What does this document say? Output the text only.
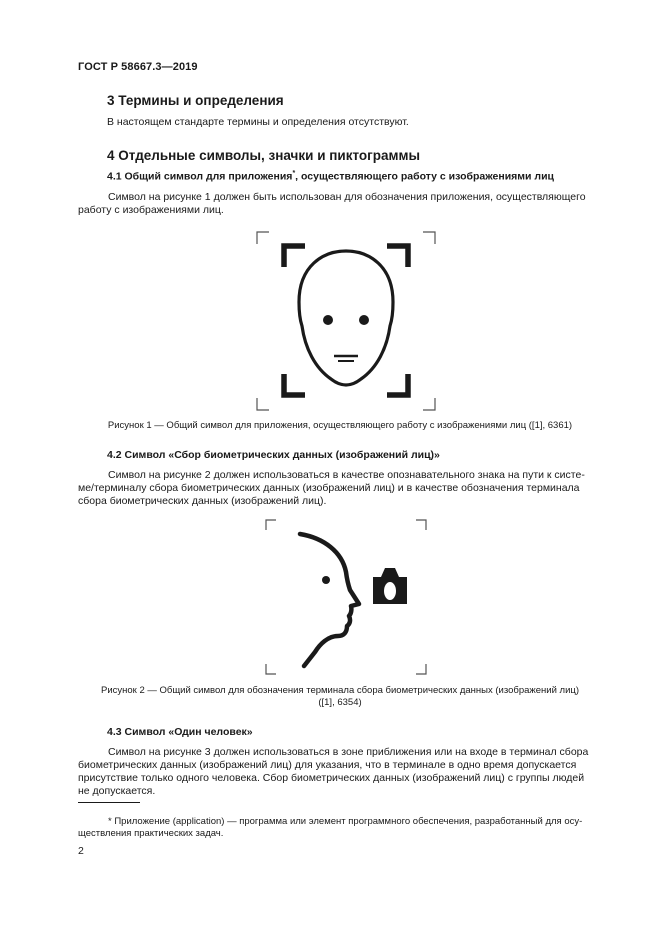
ГОСТ Р 58667.3—2019
3 Термины и определения
В настоящем стандарте термины и определения отсутствуют.
4 Отдельные символы, значки и пиктограммы
4.1 Общий символ для приложения*, осуществляющего работу с изображениями лиц
Символ на рисунке 1 должен быть использован для обозначения приложения, осуществляющего
работу с изображениями лиц.
Рисунок 1 — Общий символ для приложения, осуществляющего работу с изображениями лиц ([1], 6361)
4.2 Символ «Сбор биометрических данных (изображений лиц)»
Символ на рисунке 2 должен использоваться в качестве опознавательного знака на пути к систе-
ме/терминалу сбора биометрических данных (изображений лиц) и в качестве обозначения терминала
сбора биометрических данных (изображений лиц).
Рисунок 2 — Общий символ для обозначения терминала сбора биометрических данных (изображений лиц)
([1], 6354)
4.3 Символ «Один человек»
Символ на рисунке 3 должен использоваться в зоне приближения или на входе в терминал сбора
биометрических данных (изображений лиц) для указания, что в терминале в одно время допускается
присутствие только одного человека. Сбор биометрических данных (изображений лиц) с группы людей
не допускается.
* Приложение (application) — программа или элемент программного обеспечения, разработанный для осу-
ществления практических задач.
2
